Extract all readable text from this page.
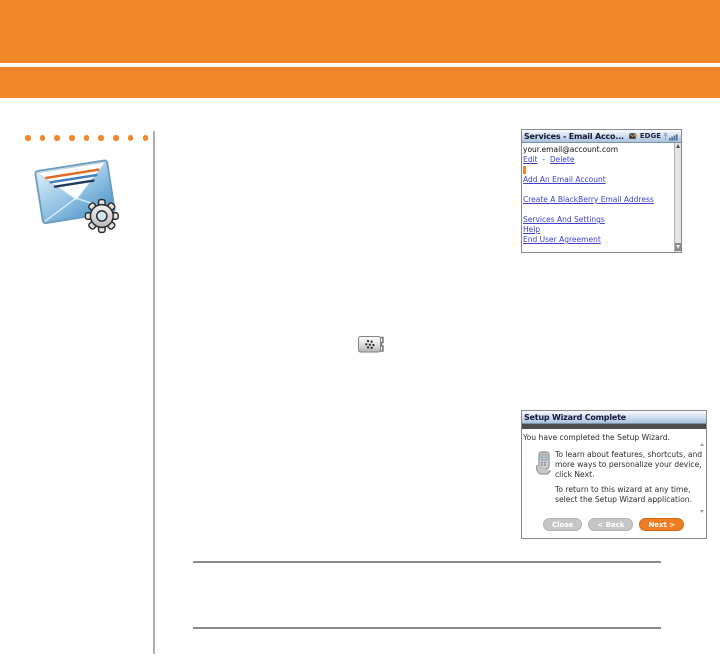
Services - Email Acco... EDGE
your.email@account.com
Edit - Delete
Add An Email Account

Create A BlackBerry Email Address

Services And Settings
Help
End User Agreement
Setup Wizard Complete
You have completed the Setup Wizard.
To learn about features, shortcuts, and more ways to personalize your device, click Next.
To return to this wizard at any time, select the Setup Wizard application.
Close	< Back	Next >
